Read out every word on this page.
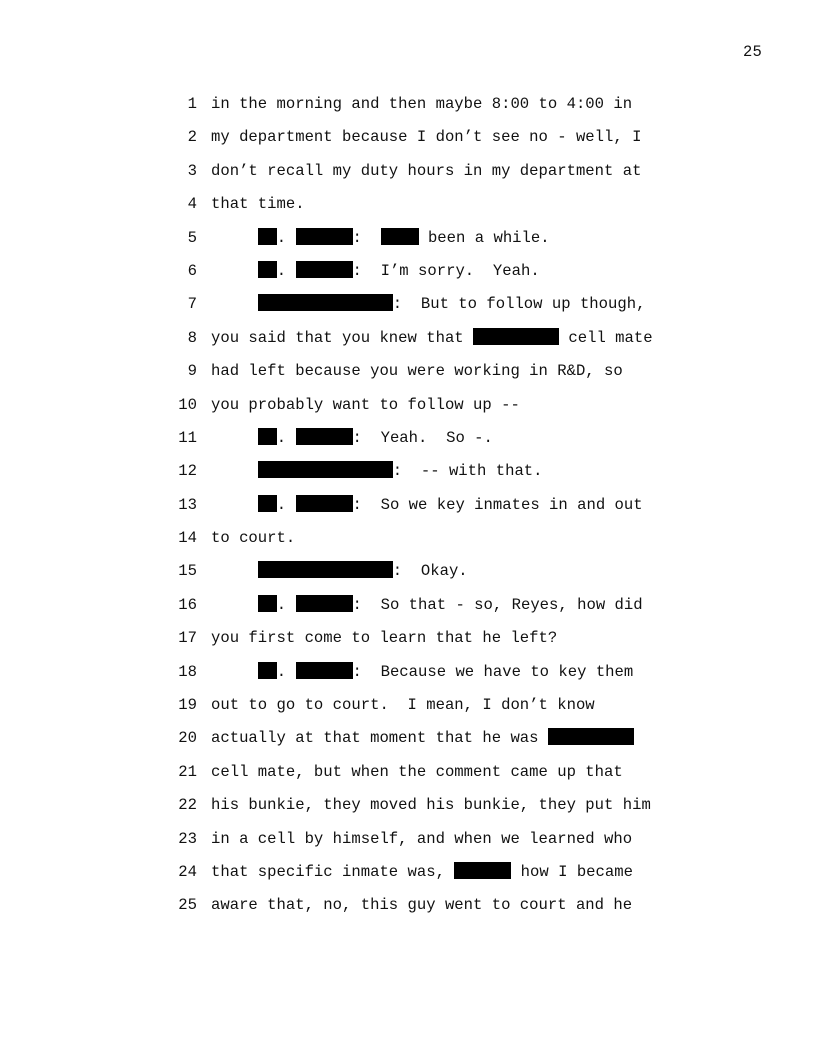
25
1 in the morning and then maybe 8:00 to 4:00 in
2 my department because I don’t see no - well, I
3 don’t recall my duty hours in my department at
4 that time.
5	.	:   been a while.
6	.	:  I’m sorry.  Yeah.
7	:  But to follow up though,
8 you said that you knew that	cell mate
9 had left because you were working in R&D, so
10 you probably want to follow up --
11	.	:  Yeah.  So -.
12	:  -- with that.
13	.	:  So we key inmates in and out
14 to court.
15	:  Okay.
16	.	:  So that - so, Reyes, how did
17 you first come to learn that he left?
18	.	:  Because we have to key them
19 out to go to court.  I mean, I don’t know
20 actually at that moment that he was
21 cell mate, but when the comment came up that
22 his bunkie, they moved his bunkie, they put him
23 in a cell by himself, and when we learned who
24 that specific inmate was,	how I became
25 aware that, no, this guy went to court and he
